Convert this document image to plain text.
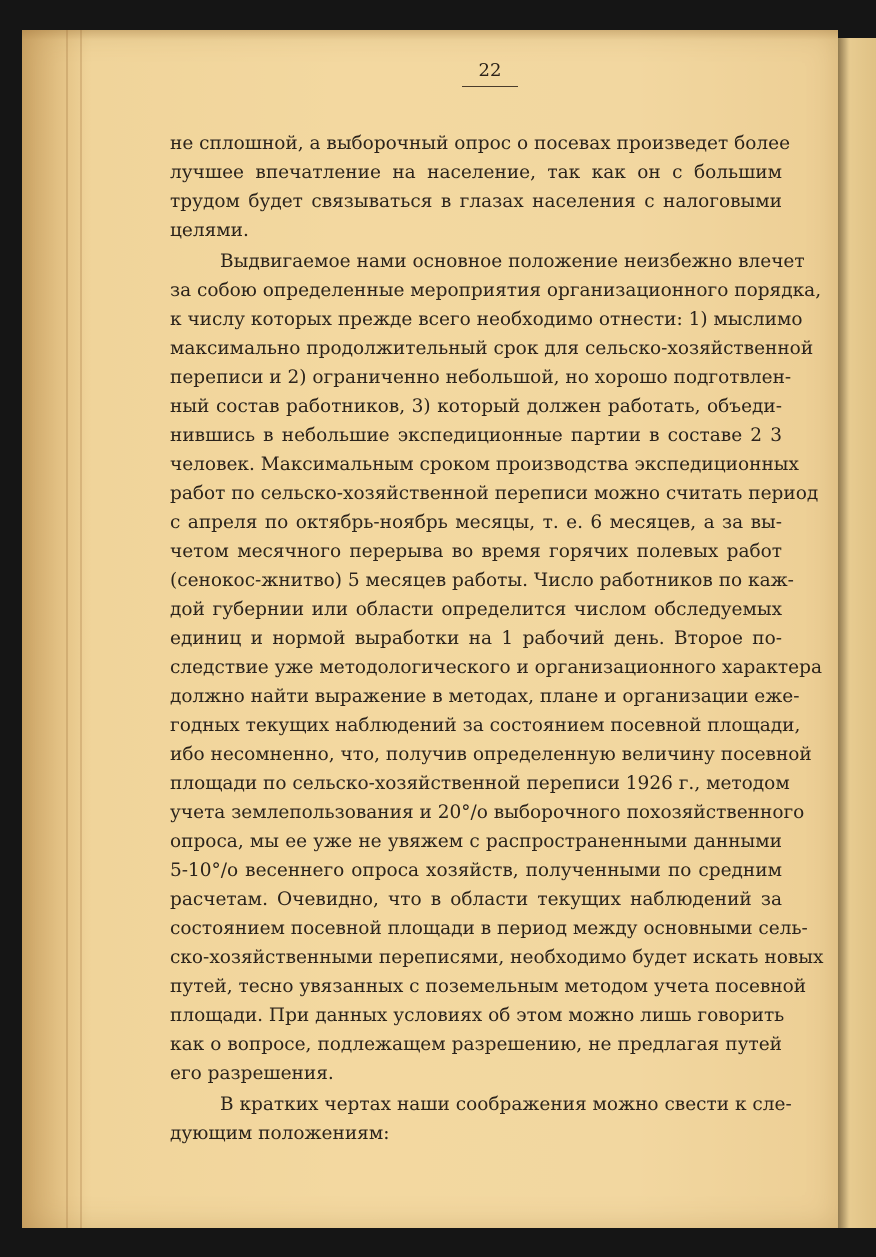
22
не сплошной, а выборочный опрос о посевах произведет более
лучшее впечатление на население, так как он с большим
трудом будет связываться в глазах населения с налоговыми
целями.
Выдвигаемое нами основное положение неизбежно влечет
за собою определенные мероприятия организационного порядка,
к числу которых прежде всего необходимо отнести: 1) мыслимо
максимально продолжительный срок для сельско-хозяйственной
переписи и 2) ограниченно небольшой, но хорошо подготвлен-
ный состав работников, 3) который должен работать, объеди-
нившись в небольшие экспедиционные партии в составе 2 3
человек. Максимальным сроком производства экспедиционных
работ по сельско-хозяйственной переписи можно считать период
с апреля по октябрь-ноябрь месяцы, т. е. 6 месяцев, а за вы-
четом месячного перерыва во время горячих полевых работ
(сенокос-жнитво) 5 месяцев работы. Число работников по каж-
дой губернии или области определится числом обследуемых
единиц и нормой выработки на 1 рабочий день. Второе по-
следствие уже методологического и организационного характера
должно найти выражение в методах, плане и организации еже-
годных текущих наблюдений за состоянием посевной площади,
ибо несомненно, что, получив определенную величину посевной
площади по сельско-хозяйственной переписи 1926 г., методом
учета землепользования и 20°/о выборочного похозяйственного
опроса, мы ее уже не увяжем с распространенными данными
5-10°/о весеннего опроса хозяйств, полученными по средним
расчетам. Очевидно, что в области текущих наблюдений за
состоянием посевной площади в период между основными сель-
ско-хозяйственными переписями, необходимо будет искать новых
путей, тесно увязанных с поземельным методом учета посевной
площади. При данных условиях об этом можно лишь говорить
как о вопросе, подлежащем разрешению, не предлагая путей
его разрешения.
В кратких чертах наши соображения можно свести к сле-
дующим положениям:
